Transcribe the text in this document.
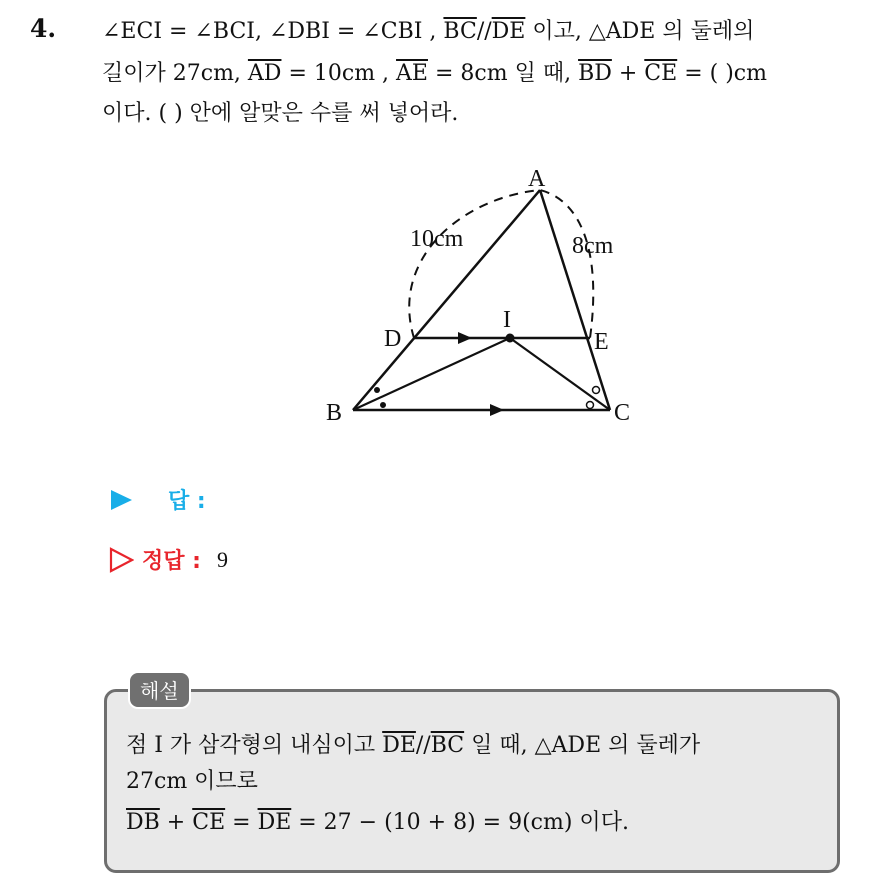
4. ∠ECI = ∠BCI, ∠DBI = ∠CBI , $\overline{BC}//\overline{DE}$ 이고, △ADE 의 둘레의
길이가 27cm, $\overline{AD} = 10cm$ , $\overline{AE} = 8cm$ 일 때, $\overline{BD} + \overline{CE}$ = ( )cm
이다. ( ) 안에 알맞은 수를 써 넣어라.
A
D	E
I
B	C
10cm	8cm
답 :
정답 : 9
해설
점 I 가 삼각형의 내심이고 $\overline{DE}//\overline{BC}$ 일 때, △ADE 의 둘레가
27cm 이므로
$\overline{DB} + \overline{CE} = \overline{DE} = 27 - (10 + 8) = 9(cm)$ 이다.
